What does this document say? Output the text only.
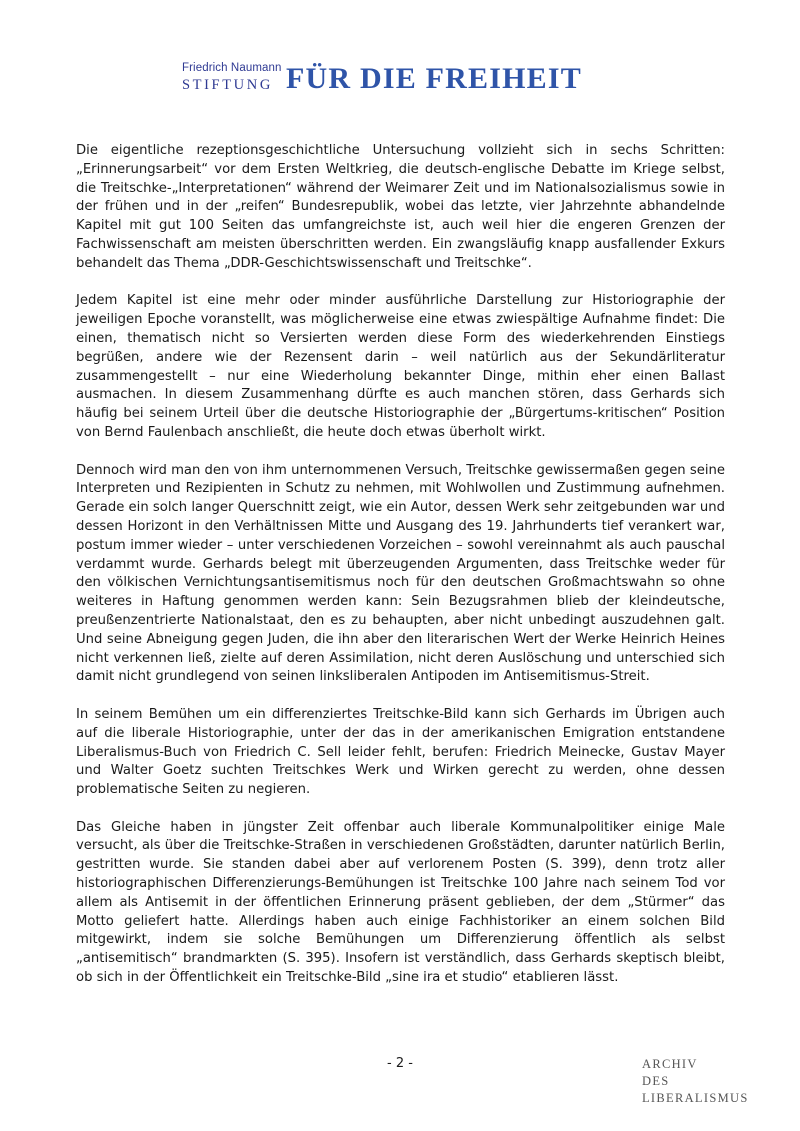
Friedrich Naumann
STIFTUNG FÜR DIE FREIHEIT

Die eigentliche rezeptionsgeschichtliche Untersuchung vollzieht sich in sechs Schritten: „Erinnerungsarbeit“ vor dem Ersten Weltkrieg, die deutsch-englische Debatte im Kriege selbst, die Treitschke-„Interpretationen“ während der Weimarer Zeit und im Nationalsozialismus sowie in der frühen und in der „reifen“ Bundesrepublik, wobei das letzte, vier Jahrzehnte abhandelnde Kapitel mit gut 100 Seiten das umfangreichste ist, auch weil hier die engeren Grenzen der Fachwissenschaft am meisten überschritten werden. Ein zwangsläufig knapp ausfallender Exkurs behandelt das Thema „DDR-Geschichtswissenschaft und Treitschke“.

Jedem Kapitel ist eine mehr oder minder ausführliche Darstellung zur Historiographie der jeweiligen Epoche voranstellt, was möglicherweise eine etwas zwiespältige Aufnahme findet: Die einen, thematisch nicht so Versierten werden diese Form des wiederkehrenden Einstiegs begrüßen, andere wie der Rezensent darin – weil natürlich aus der Sekundärliteratur zusammengestellt – nur eine Wiederholung bekannter Dinge, mithin eher einen Ballast ausmachen. In diesem Zusammenhang dürfte es auch manchen stören, dass Gerhards sich häufig bei seinem Urteil über die deutsche Historiographie der „Bürgertums-kritischen“ Position von Bernd Faulenbach anschließt, die heute doch etwas überholt wirkt.

Dennoch wird man den von ihm unternommenen Versuch, Treitschke gewissermaßen gegen seine Interpreten und Rezipienten in Schutz zu nehmen, mit Wohlwollen und Zustimmung aufnehmen. Gerade ein solch langer Querschnitt zeigt, wie ein Autor, dessen Werk sehr zeitgebunden war und dessen Horizont in den Verhältnissen Mitte und Ausgang des 19. Jahrhunderts tief verankert war, postum immer wieder – unter verschiedenen Vorzeichen – sowohl vereinnahmt als auch pauschal verdammt wurde. Gerhards belegt mit überzeugenden Argumenten, dass Treitschke weder für den völkischen Vernichtungsantisemitismus noch für den deutschen Großmachtswahn so ohne weiteres in Haftung genommen werden kann: Sein Bezugsrahmen blieb der kleindeutsche, preußenzentrierte Nationalstaat, den es zu behaupten, aber nicht unbedingt auszudehnen galt. Und seine Abneigung gegen Juden, die ihn aber den literarischen Wert der Werke Heinrich Heines nicht verkennen ließ, zielte auf deren Assimilation, nicht deren Auslöschung und unterschied sich damit nicht grundlegend von seinen linksliberalen Antipoden im Antisemitismus-Streit.

In seinem Bemühen um ein differenziertes Treitschke-Bild kann sich Gerhards im Übrigen auch auf die liberale Historiographie, unter der das in der amerikanischen Emigration entstandene Liberalismus-Buch von Friedrich C. Sell leider fehlt, berufen: Friedrich Meinecke, Gustav Mayer und Walter Goetz suchten Treitschkes Werk und Wirken gerecht zu werden, ohne dessen problematische Seiten zu negieren.

Das Gleiche haben in jüngster Zeit offenbar auch liberale Kommunalpolitiker einige Male versucht, als über die Treitschke-Straßen in verschiedenen Großstädten, darunter natürlich Berlin, gestritten wurde. Sie standen dabei aber auf verlorenem Posten (S. 399), denn trotz aller historiographischen Differenzierungs-Bemühungen ist Treitschke 100 Jahre nach seinem Tod vor allem als Antisemit in der öffentlichen Erinnerung präsent geblieben, der dem „Stürmer“ das Motto geliefert hatte. Allerdings haben auch einige Fachhistoriker an einem solchen Bild mitgewirkt, indem sie solche Bemühungen um Differenzierung öffentlich als selbst „antisemitisch“ brandmarkten (S. 395). Insofern ist verständlich, dass Gerhards skeptisch bleibt, ob sich in der Öffentlichkeit ein Treitschke-Bild „sine ira et studio“ etablieren lässt.

- 2 -	ARCHIV
DES
LIBERALISMUS
